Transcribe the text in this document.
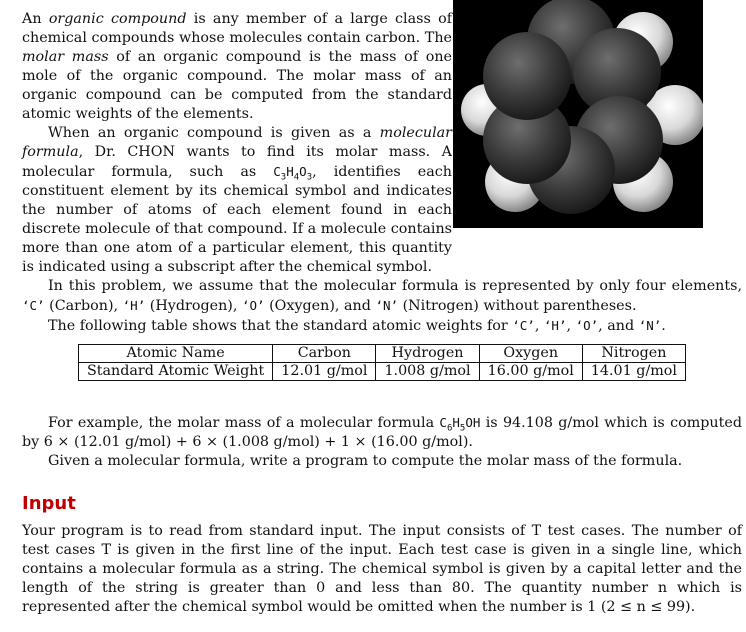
An organic compound is any member of a large class of chemical compounds whose molecules contain carbon. The molar mass of an organic compound is the mass of one mole of the organic compound. The molar mass of an organic compound can be computed from the standard atomic weights of the elements.

When an organic compound is given as a molecular formula, Dr. CHON wants to find its molar mass. A molecular formula, such as $C_3H_4O_3$, identifies each constituent element by its chemical symbol and indicates the number of atoms of each element found in each discrete molecule of that compound. If a molecule contains more than one atom of a particular element, this quantity is indicated using a subscript after the chemical symbol.

In this problem, we assume that the molecular formula is represented by only four elements, ‘C’ (Carbon), ‘H’ (Hydrogen), ‘O’ (Oxygen), and ‘N’ (Nitrogen) without parentheses.

The following table shows that the standard atomic weights for ‘C’, ‘H’, ‘O’, and ‘N’.

Atomic Name	Carbon	Hydrogen	Oxygen	Nitrogen
Standard Atomic Weight	12.01 g/mol	1.008 g/mol	16.00 g/mol	14.01 g/mol

For example, the molar mass of a molecular formula $C_6H_5OH$ is 94.108 g/mol which is computed by 6 × (12.01 g/mol) + 6 × (1.008 g/mol) + 1 × (16.00 g/mol).

Given a molecular formula, write a program to compute the molar mass of the formula.

Input

Your program is to read from standard input. The input consists of T test cases. The number of test cases T is given in the first line of the input. Each test case is given in a single line, which contains a molecular formula as a string. The chemical symbol is given by a capital letter and the length of the string is greater than 0 and less than 80. The quantity number n which is represented after the chemical symbol would be omitted when the number is 1 (2 ≤ n ≤ 99).
